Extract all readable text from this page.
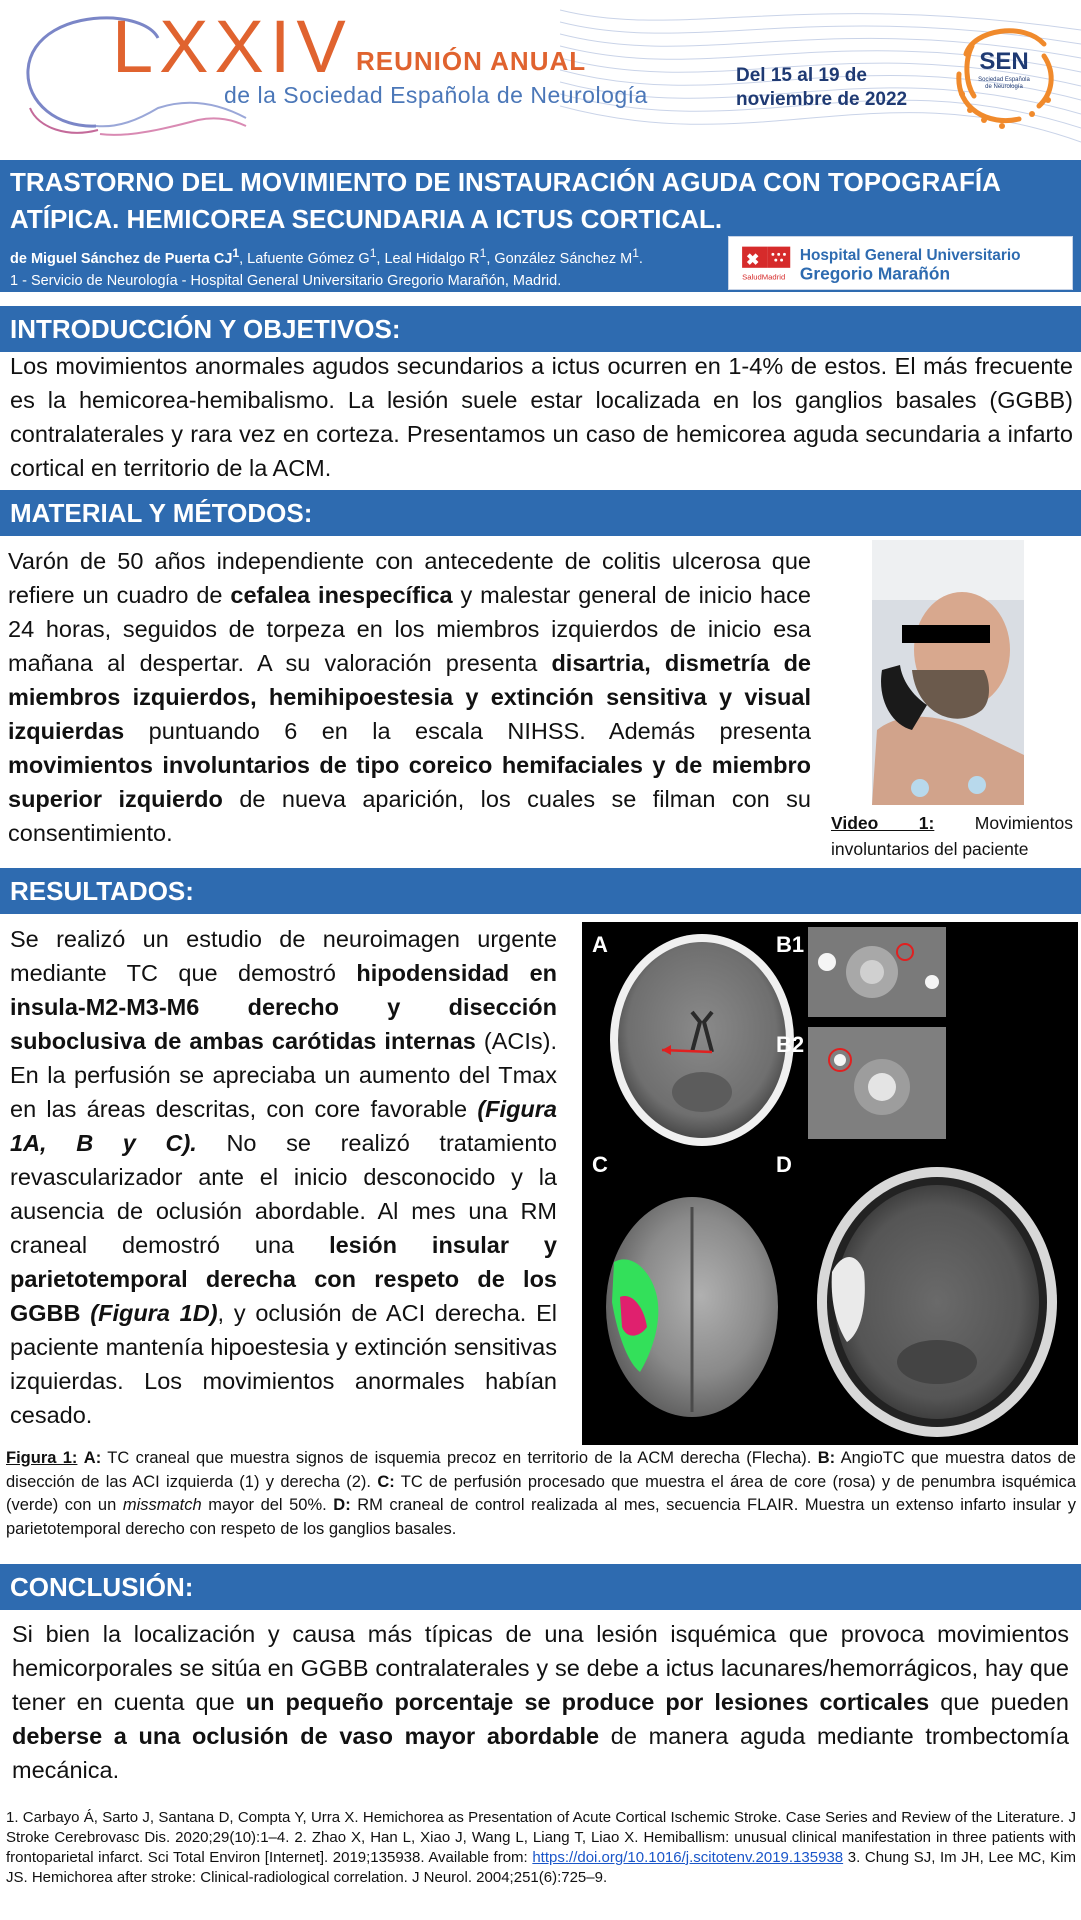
LXXIV REUNIÓN ANUAL
de la Sociedad Española de Neurología
Del 15 al 19 de
noviembre de 2022
SEN
Sociedad Española
de Neurología
TRASTORNO DEL MOVIMIENTO DE INSTAURACIÓN AGUDA CON TOPOGRAFÍA ATÍPICA. HEMICOREA SECUNDARIA A ICTUS CORTICAL.
de Miguel Sánchez de Puerta $CJ^1$, Lafuente Gómez $G^1$, Leal Hidalgo $R^1$, González Sánchez $M^1$.
1 - Servicio de Neurología - Hospital General Universitario Gregorio Marañón, Madrid.	SaludMadrid
Hospital General Universitario
Gregorio Marañón
INTRODUCCIÓN Y OBJETIVOS:
Los movimientos anormales agudos secundarios a ictus ocurren en 1-4% de estos. El más frecuente es la hemicorea-hemibalismo. La lesión suele estar localizada en los ganglios basales (GGBB) contralaterales y rara vez en corteza. Presentamos un caso de hemicorea aguda secundaria a infarto cortical en territorio de la ACM.
MATERIAL Y MÉTODOS:
Varón de 50 años independiente con antecedente de colitis ulcerosa que refiere un cuadro de cefalea inespecífica y malestar general de inicio hace 24 horas, seguidos de torpeza en los miembros izquierdos de inicio esa mañana al despertar. A su valoración presenta disartria, dismetría de miembros izquierdos, hemihipoestesia y extinción sensitiva y visual izquierdas puntuando 6 en la escala NIHSS. Además presenta movimientos involuntarios de tipo coreico hemifaciales y de miembro superior izquierdo de nueva aparición, los cuales se filman con su consentimiento.	Video 1: Movimientos involuntarios del paciente
RESULTADOS:
Se realizó un estudio de neuroimagen urgente mediante TC que demostró hipodensidad en insula-M2-M3-M6 derecho y disección suboclusiva de ambas carótidas internas (ACIs). En la perfusión se apreciaba un aumento del Tmax en las áreas descritas, con core favorable (Figura 1A, B y C). No se realizó tratamiento revascularizador ante el inicio desconocido y la ausencia de oclusión abordable. Al mes una RM craneal demostró una lesión insular y parietotemporal derecha con respeto de los GGBB (Figura 1D), y oclusión de ACI derecha. El paciente mantenía hipoestesia y extinción sensitivas izquierdas. Los movimientos anormales habían cesado.
A	B1
B2
C	D
Figura 1: A: TC craneal que muestra signos de isquemia precoz en territorio de la ACM derecha (Flecha). B: AngioTC que muestra datos de disección de las ACI izquierda (1) y derecha (2). C: TC de perfusión procesado que muestra el área de core (rosa) y de penumbra isquémica (verde) con un missmatch mayor del 50%. D: RM craneal de control realizada al mes, secuencia FLAIR. Muestra un extenso infarto insular y parietotemporal derecho con respeto de los ganglios basales.
CONCLUSIÓN:
Si bien la localización y causa más típicas de una lesión isquémica que provoca movimientos hemicorporales se sitúa en GGBB contralaterales y se debe a ictus lacunares/hemorrágicos, hay que tener en cuenta que un pequeño porcentaje se produce por lesiones corticales que pueden deberse a una oclusión de vaso mayor abordable de manera aguda mediante trombectomía mecánica.
1. Carbayo Á, Sarto J, Santana D, Compta Y, Urra X. Hemichorea as Presentation of Acute Cortical Ischemic Stroke. Case Series and Review of the Literature. J Stroke Cerebrovasc Dis. 2020;29(10):1–4. 2. Zhao X, Han L, Xiao J, Wang L, Liang T, Liao X. Hemiballism: unusual clinical manifestation in three patients with frontoparietal infarct. Sci Total Environ [Internet]. 2019;135938. Available from: https://doi.org/10.1016/j.scitotenv.2019.135938 3. Chung SJ, Im JH, Lee MC, Kim JS. Hemichorea after stroke: Clinical-radiological correlation. J Neurol. 2004;251(6):725–9.
